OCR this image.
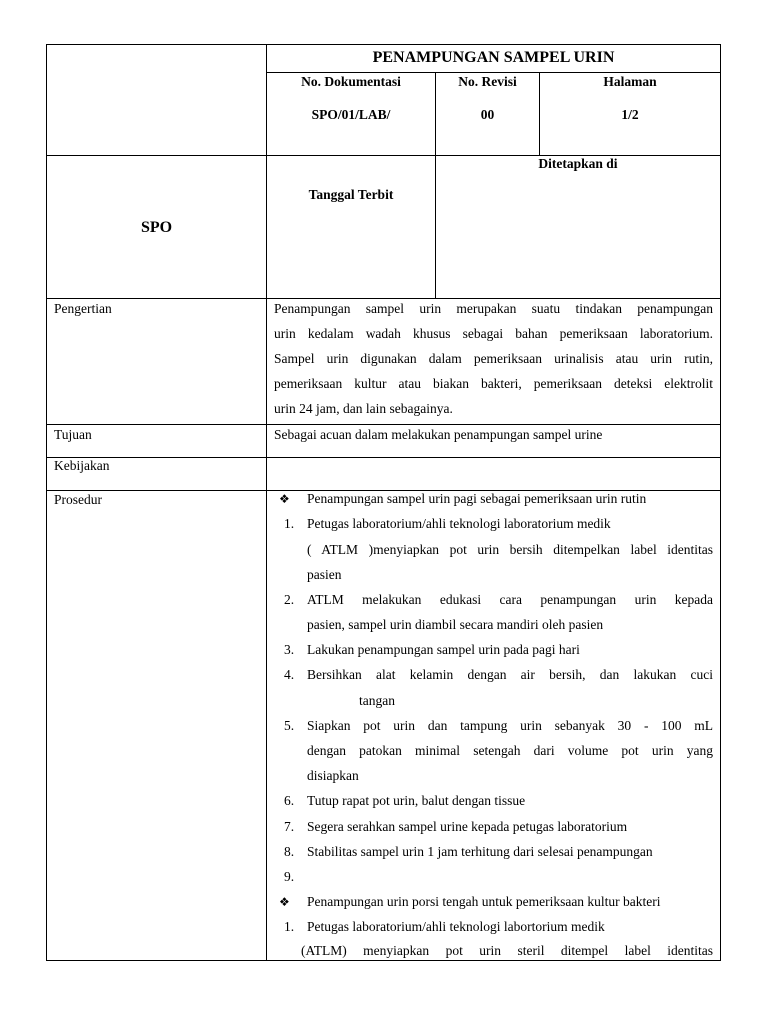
PENAMPUNGAN SAMPEL URIN
No. Dokumentasi
SPO/01/LAB/
No. Revisi
00
Halaman
1/2
SPO
Tanggal Terbit
Ditetapkan di
Pengertian	Penampungan sampel urin merupakan suatu tindakan penampungan
urin kedalam wadah khusus sebagai bahan pemeriksaan laboratorium.
Sampel urin digunakan dalam pemeriksaan urinalisis atau urin rutin,
pemeriksaan kultur atau biakan bakteri, pemeriksaan deteksi elektrolit
urin 24 jam, dan lain sebagainya.
Tujuan	Sebagai acuan dalam melakukan penampungan sampel urine
Kebijakan
Prosedur	❖ Penampungan sampel urin pagi sebagai pemeriksaan urin rutin
1. Petugas laboratorium/ahli teknologi laboratorium medik
( ATLM )menyiapkan pot urin bersih ditempelkan label identitas
pasien
2. ATLM melakukan edukasi cara penampungan urin kepada
pasien, sampel urin diambil secara mandiri oleh pasien
3. Lakukan penampungan sampel urin pada pagi hari
4. Bersihkan alat kelamin dengan air bersih, dan lakukan cuci
tangan
5. Siapkan pot urin dan tampung urin sebanyak 30 - 100 mL
dengan patokan minimal setengah dari volume pot urin yang
disiapkan
6. Tutup rapat pot urin, balut dengan tissue
7. Segera serahkan sampel urine kepada petugas laboratorium
8. Stabilitas sampel urin 1 jam terhitung dari selesai penampungan
9.
❖ Penampungan urin porsi tengah untuk pemeriksaan kultur bakteri
1. Petugas laboratorium/ahli teknologi labortorium medik
(ATLM) menyiapkan pot urin steril ditempel label identitas
